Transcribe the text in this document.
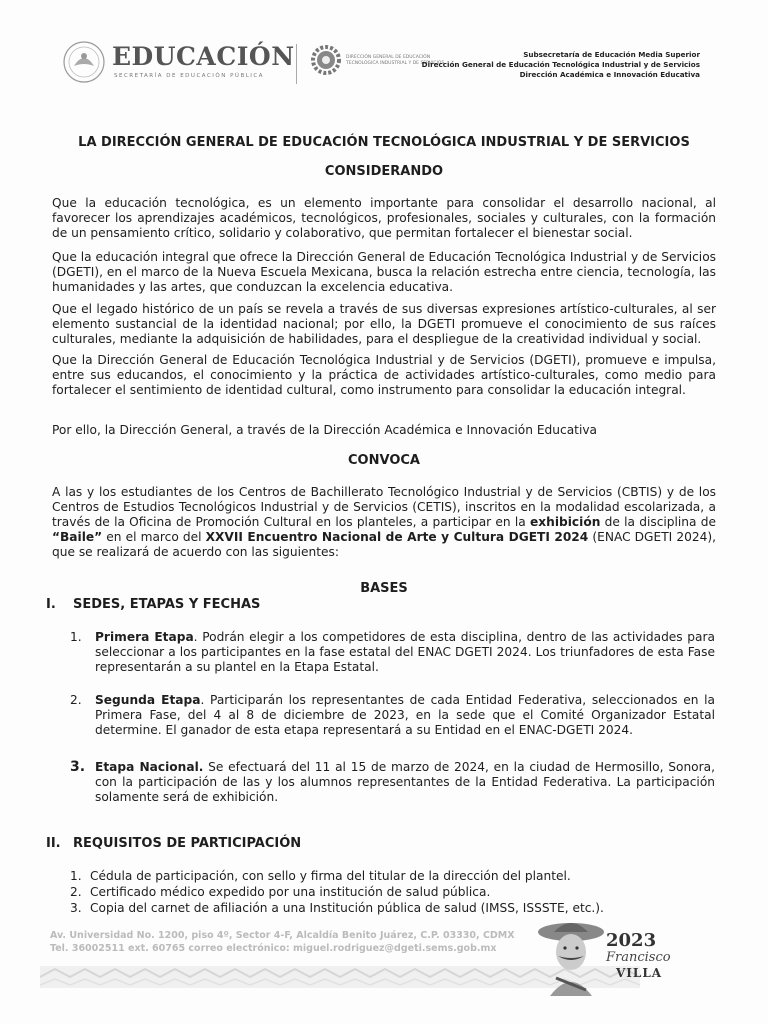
EDUCACIÓN
SECRETARÍA DE EDUCACIÓN PÚBLICA
DIRECCIÓN GENERAL DE EDUCACIÓN
TECNOLÓGICA INDUSTRIAL Y DE SERVICIOS
Subsecretaría de Educación Media Superior
Dirección General de Educación Tecnológica Industrial y de Servicios
Dirección Académica e Innovación Educativa
LA DIRECCIÓN GENERAL DE EDUCACIÓN TECNOLÓGICA INDUSTRIAL Y DE SERVICIOS
CONSIDERANDO
Que la educación tecnológica, es un elemento importante para consolidar el desarrollo nacional, al favorecer los aprendizajes académicos, tecnológicos, profesionales, sociales y culturales, con la formación de un pensamiento crítico, solidario y colaborativo, que permitan fortalecer el bienestar social.
Que la educación integral que ofrece la Dirección General de Educación Tecnológica Industrial y de Servicios (DGETI), en el marco de la Nueva Escuela Mexicana, busca la relación estrecha entre ciencia, tecnología, las humanidades y las artes, que conduzcan la excelencia educativa.
Que el legado histórico de un país se revela a través de sus diversas expresiones artístico-culturales, al ser elemento sustancial de la identidad nacional; por ello, la DGETI promueve el conocimiento de sus raíces culturales, mediante la adquisición de habilidades, para el despliegue de la creatividad individual y social.
Que la Dirección General de Educación Tecnológica Industrial y de Servicios (DGETI), promueve e impulsa, entre sus educandos, el conocimiento y la práctica de actividades artístico-culturales, como medio para fortalecer el sentimiento de identidad cultural, como instrumento para consolidar la educación integral.
Por ello, la Dirección General, a través de la Dirección Académica e Innovación Educativa
CONVOCA
A las y los estudiantes de los Centros de Bachillerato Tecnológico Industrial y de Servicios (CBTIS) y de los Centros de Estudios Tecnológicos Industrial y de Servicios (CETIS), inscritos en la modalidad escolarizada, a través de la Oficina de Promoción Cultural en los planteles, a participar en la exhibición de la disciplina de “Baile” en el marco del XXVII Encuentro Nacional de Arte y Cultura DGETI 2024 (ENAC DGETI 2024), que se realizará de acuerdo con las siguientes:
BASES
I. SEDES, ETAPAS Y FECHAS
1. Primera Etapa. Podrán elegir a los competidores de esta disciplina, dentro de las actividades para seleccionar a los participantes en la fase estatal del ENAC DGETI 2024. Los triunfadores de esta Fase representarán a su plantel en la Etapa Estatal.
2. Segunda Etapa. Participarán los representantes de cada Entidad Federativa, seleccionados en la Primera Fase, del 4 al 8 de diciembre de 2023, en la sede que el Comité Organizador Estatal determine. El ganador de esta etapa representará a su Entidad en el ENAC-DGETI 2024.
3. Etapa Nacional. Se efectuará del 11 al 15 de marzo de 2024, en la ciudad de Hermosillo, Sonora, con la participación de las y los alumnos representantes de la Entidad Federativa. La participación solamente será de exhibición.
II. REQUISITOS DE PARTICIPACIÓN
1. Cédula de participación, con sello y firma del titular de la dirección del plantel.
2. Certificado médico expedido por una institución de salud pública.
3. Copia del carnet de afiliación a una Institución pública de salud (IMSS, ISSSTE, etc.).
Av. Universidad No. 1200, piso 4º, Sector 4-F, Alcaldía Benito Juárez, C.P. 03330, CDMX
Tel. 36002511 ext. 60765 correo electrónico: miguel.rodriguez@dgeti.sems.gob.mx	2023
Francisco
VILLA
